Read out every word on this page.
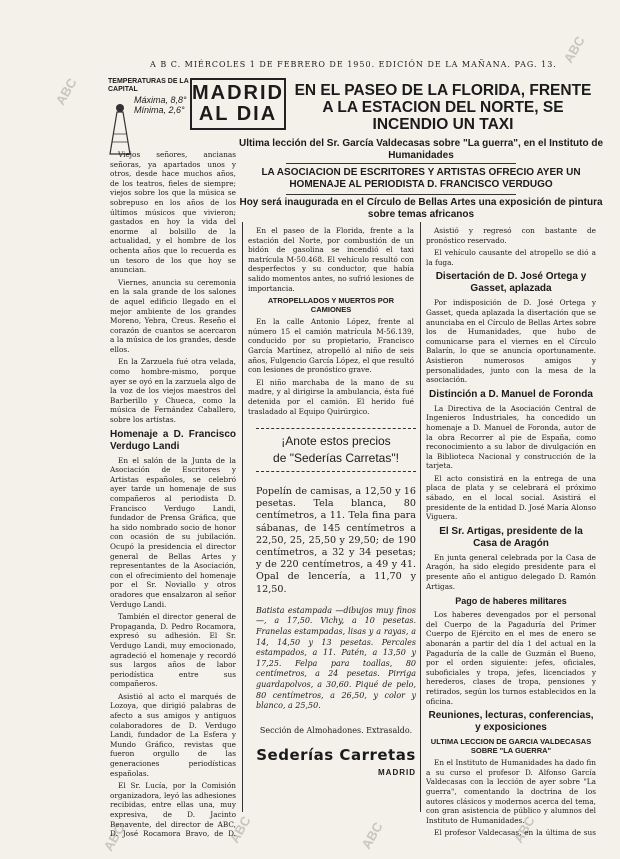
ABC
ABC	ABC	ABC	ABC
ABC
A B C. MIÉRCOLES 1 DE FEBRERO DE 1950. EDICIÓN DE LA MAÑANA. PAG. 13.
TEMPERATURAS DE LA CAPITAL
Máxima, 8,8°
Mínima, 2,6°
MADRID
AL DIA
EN EL PASEO DE LA FLORIDA, FRENTE A LA ESTACION DEL NORTE, SE INCENDIO UN TAXI
Ultima lección del Sr. García Valdecasas sobre "La guerra", en el Instituto de Humanidades
LA ASOCIACION DE ESCRITORES Y ARTISTAS OFRECIO AYER UN HOMENAJE AL PERIODISTA D. FRANCISCO VERDUGO
Hoy será inaugurada en el Círculo de Bellas Artes una exposición de pintura sobre temas africanos

Viejos señores, ancianas señoras, ya apartados unos y otros, desde hace muchos años, de los teatros, fieles de siempre; viejos sobre los que la música se sobrepuso en los años de los últimos músicos que vivieron; gastados en hoy la vida del enorme al bolsillo de la actualidad, y el hombre de los ochenta años que lo recuerda es un tesoro de los que hoy se anuncian.

Viernes, anuncia su ceremonia en la sala grande de los salones de aquel edificio llegado en el mejor ambiente de los grandes Moreno, Yebra, Creus. Reseño el corazón de cuantos se acercaron a la música de los grandes, desde ellos.

En la Zarzuela fué otra velada, como hombre-mismo, porque ayer se oyó en la zarzuela algo de la voz de los viejos maestros del Barberillo y Chueca, como la música de Fernández Caballero, sobre los artistas.

Homenaje a D. Francisco Verdugo Landi

En el salón de la Junta de la Asociación de Escritores y Artistas españoles, se celebró ayer tarde un homenaje de sus compañeros al periodista D. Francisco Verdugo Landi, fundador de Prensa Gráfica, que ha sido nombrado socio de honor con ocasión de su jubilación. Ocupó la presidencia el director general de Bellas Artes y representantes de la Asociación, con el ofrecimiento del homenaje por el Sr. Noviallo y otros oradores que ensalzaron al señor Verdugo Landi.

También el director general de Propaganda, D. Pedro Rocamora, expresó su adhesión. El Sr. Verdugo Landi, muy emocionado, agradeció el homenaje y recordó sus largos años de labor periodística entre sus compañeros.

Asistió al acto el marqués de Lozoya, que dirigió palabras de afecto a sus amigos y antiguos colaboradores de D. Verdugo Landi, fundador de La Esfera y Mundo Gráfico, revistas que fueron orgullo de las generaciones periodísticas españolas.

El Sr. Lucía, por la Comisión organizadora, leyó las adhesiones recibidas, entre ellas una, muy expresiva, de D. Jacinto Benavente, del director de ABC, D. José Rocamora Bravo, de D.

En el paseo de la Florida, frente a la estación del Norte, por combustión de un bidón de gasolina se incendió el taxi matrícula M-50.468. El vehículo resultó con desperfectos y su conductor, que había salido momentos antes, no sufrió lesiones de importancia.

ATROPELLADOS Y MUERTOS POR CAMIONES

En la calle Antonio López, frente al número 15 el camión matrícula M-56.139, conducido por su propietario, Francisco García Martínez, atropelló al niño de seis años, Fulgencio García López, el que resultó con lesiones de pronóstico grave.

El niño marchaba de la mano de su madre, y al dirigirse la ambulancia, ésta fué detenida por el camión. El herido fué trasladado al Equipo Quirúrgico.

¡Anote estos precios
de "Sederías Carretas"!
Popelín de camisas, a 12,50 y 16 pesetas. Tela blanca, 80 centímetros, a 11. Tela fina para sábanas, de 145 centímetros a 22,50, 25, 25,50 y 29,50; de 190 centímetros, a 32 y 34 pesetas; y de 220 centímetros, a 49 y 41. Opal de lencería, a 11,70 y 12,50.
Batista estampada —dibujos muy finos—, a 17,50. Vichy, a 10 pesetas. Franelas estampadas, lisas y a rayas, a 14, 14,50 y 13 pesetas. Percales estampados, a 11. Patén, a 13,50 y 17,25. Felpa para toallas, 80 centímetros, a 24 pesetas. Pirriga guardapolvos, a 30,60. Piqué de pelo, 80 centímetros, a 26,50, y color y blanco, a 25,50.
Sección de Almohadones. Extrasaldo.
Sederías Carretas
MADRID

Asistió y regresó con bastante de pronóstico reservado.

El vehículo causante del atropello se dió a la fuga.

Disertación de D. José Ortega y Gasset, aplazada

Por indisposición de D. José Ortega y Gasset, queda aplazada la disertación que se anunciaba en el Círculo de Bellas Artes sobre los de Humanidades, que hubo de comunicarse para el viernes en el Círculo Balarín, lo que se anuncia oportunamente. Asistieron numerosos amigos y personalidades, junto con la mesa de la asociación.

Distinción a D. Manuel de Foronda

La Directiva de la Asociación Central de Ingenieros Industriales, ha concedido un homenaje a D. Manuel de Foronda, autor de la obra Recorrer al pie de España, como reconocimiento a su labor de divulgación en la Biblioteca Nacional y construcción de la tarjeta.

El acto consistirá en la entrega de una placa de plata y se celebrará el próximo sábado, en el local social. Asistirá el presidente de la entidad D. José María Alonso Viguera.

El Sr. Artigas, presidente de la Casa de Aragón

En junta general celebrada por la Casa de Aragón, ha sido elegido presidente para el presente año el antiguo delegado D. Ramón Artigas.

Pago de haberes militares

Los haberes devengados por el personal del Cuerpo de la Pagaduría del Primer Cuerpo de Ejército en el mes de enero se abonarán a partir del día 1 del actual en la Pagaduría de la calle de Guzmán el Bueno, por el orden siguiente: jefes, oficiales, suboficiales y tropa, jefes, licenciados y herederos, clases de tropa, pensiones y retirados, según los turnos establecidos en la oficina.

Reuniones, lecturas, conferencias, y exposiciones
ULTIMA LECCION DE GARCIA VALDECASAS SOBRE "LA GUERRA"

En el Instituto de Humanidades ha dado fin a su curso el profesor D. Alfonso García Valdecasas con la lección de ayer sobre "La guerra", comentando la doctrina de los autores clásicos y modernos acerca del tema, con gran asistencia de público y alumnos del Instituto de Humanidades.

El profesor Valdecasas, en la última de sus
